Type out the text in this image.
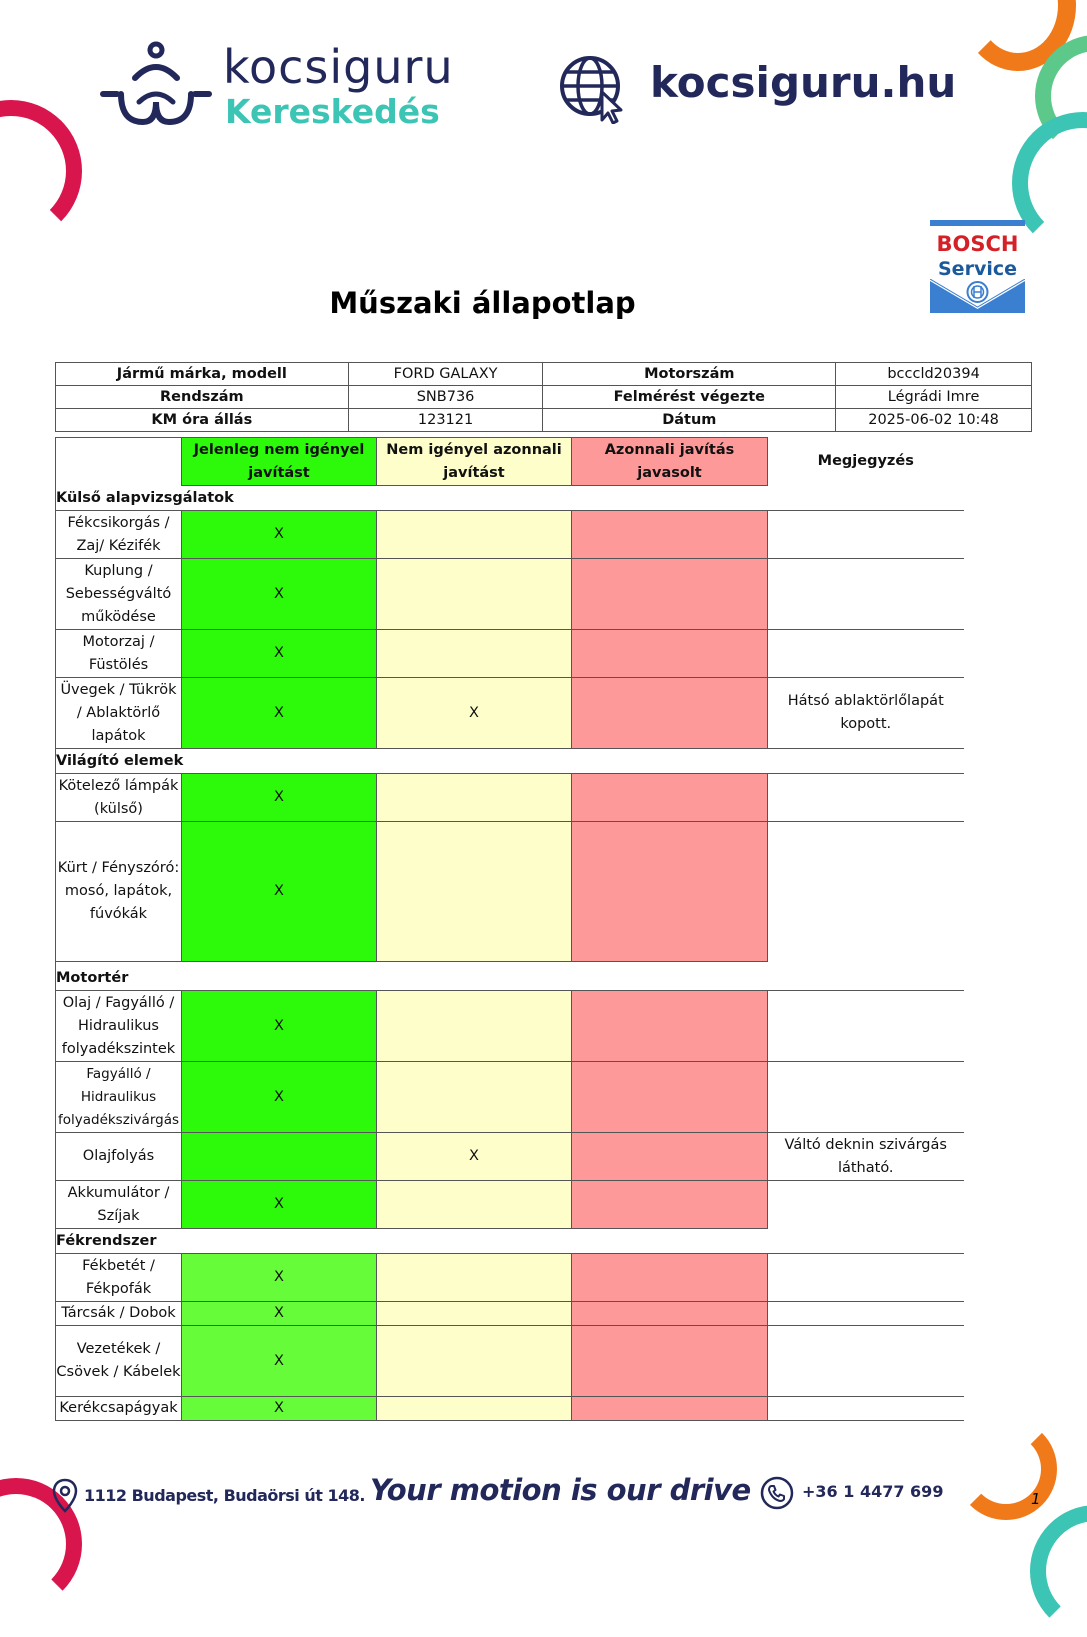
kocsiguru
Kereskedés
kocsiguru.hu
BOSCH
Service
Műszaki állapotlap
Jármű márka, modell	FORD GALAXY	Motorszám	bcccld20394
Rendszám	SNB736	Felmérést végezte	Légrádi Imre
KM óra állás	123121	Dátum	2025-06-02 10:48
	Jelenleg nem igényel javítást	Nem igényel azonnali javítást	Azonnali javítás javasolt	Megjegyzés
Külső alapvizsgálatok				
Fékcsikorgás / Zaj/ Kézifék	X			
Kuplung / Sebességváltó működése	X			
Motorzaj / Füstölés	X			
Üvegek / Tükrök / Ablaktörlő lapátok	X	X		Hátsó ablaktörlőlapát kopott.
Világító elemek				
Kötelező lámpák (külső)	X			
Kürt / Fényszóró: mosó, lapátok, fúvókák	X			
Motortér				
Olaj / Fagyálló / Hidraulikus folyadékszintek	X			
Fagyálló / Hidraulikus folyadékszivárgás	X			
Olajfolyás		X		Váltó deknin szivárgás látható.
Akkumulátor / Szíjak	X			
Fékrendszer				
Fékbetét / Fékpofák	X			
Tárcsák / Dobok	X			
Vezetékek / Csövek / Kábelek	X			
Kerékcsapágyak	X			
1112 Budapest, Budaörsi út 148. Your motion is our drive	+36 1 4477 699	1
